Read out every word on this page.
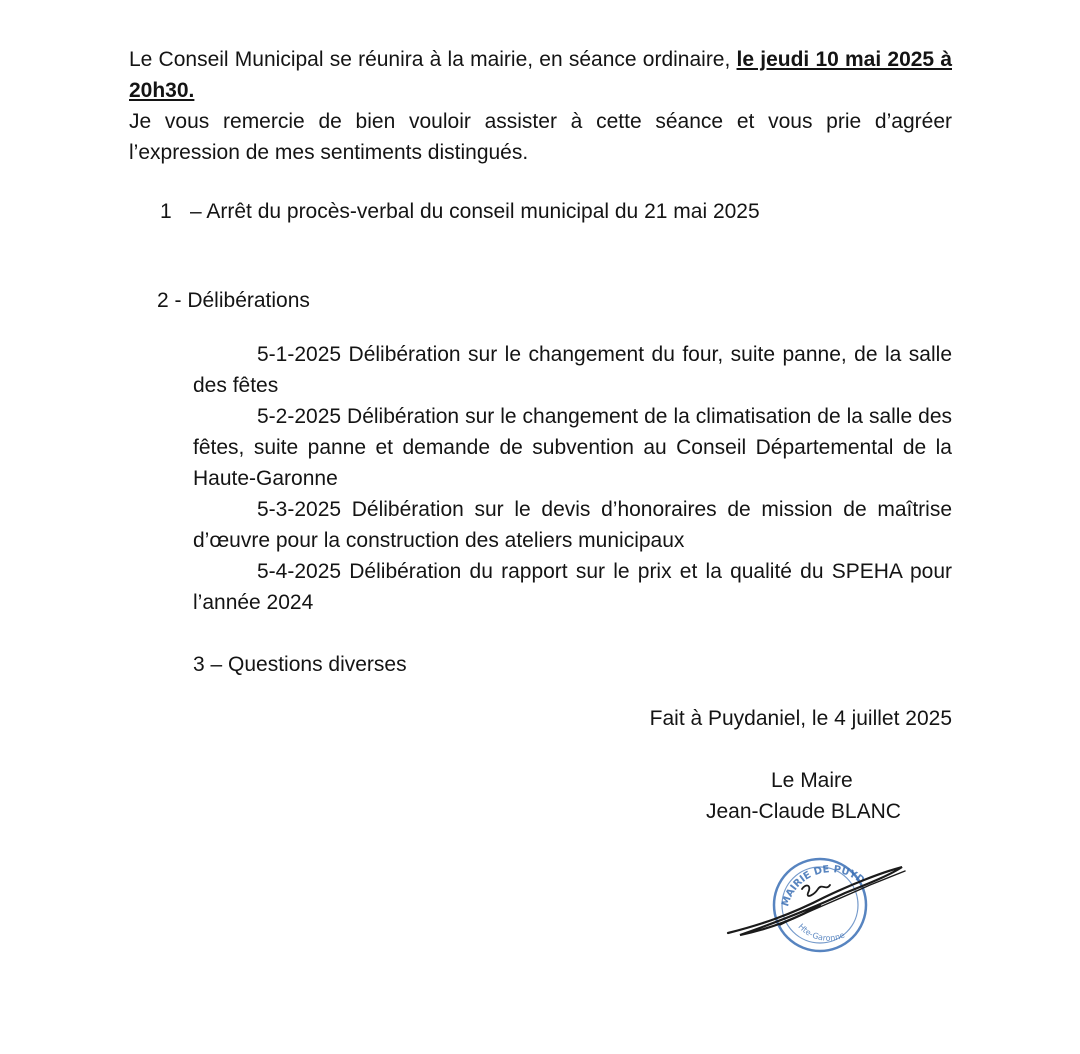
Le Conseil Municipal se réunira à la mairie, en séance ordinaire, le jeudi 10 mai 2025 à 20h30.

Je vous remercie de bien vouloir assister à cette séance et vous prie d’agréer l’expression de mes sentiments distingués.

1 – Arrêt du procès-verbal du conseil municipal du 21 mai 2025
2 - Délibérations

5-1-2025 Délibération sur le changement du four, suite panne, de la salle des fêtes

5-2-2025 Délibération sur le changement de la climatisation de la salle des fêtes, suite panne et demande de subvention au Conseil Départemental de la Haute-Garonne

5-3-2025 Délibération sur le devis d’honoraires de mission de maîtrise d’œuvre pour la construction des ateliers municipaux

5-4-2025 Délibération du rapport sur le prix et la qualité du SPEHA pour l’année 2024

3 – Questions diverses
Fait à Puydaniel, le 4 juillet 2025
Le Maire
Jean-Claude BLANC
MAIRIE DE PUYD
Hte-Garonne
